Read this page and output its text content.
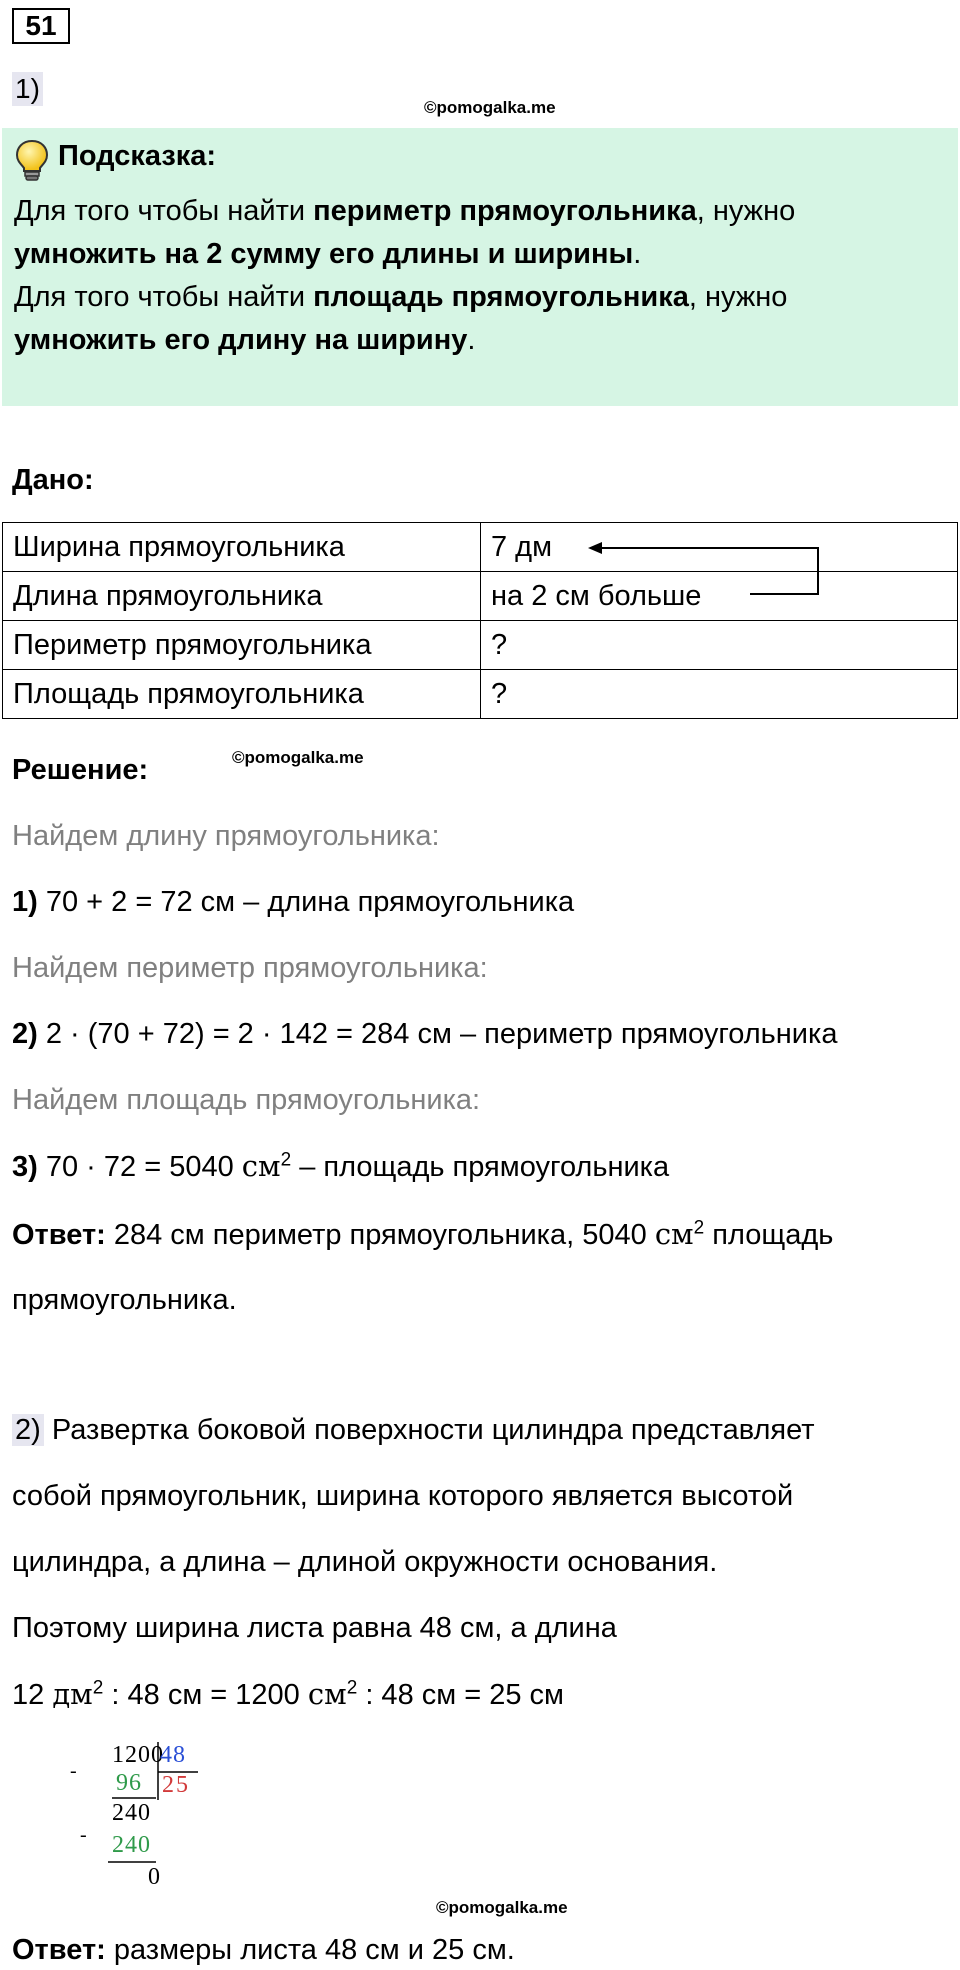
51
1)
©pomogalka.me
Подсказка:
Для того чтобы найти периметр прямоугольника, нужно
умножить на 2 сумму его длины и ширины.
Для того чтобы найти площадь прямоугольника, нужно
умножить его длину на ширину.
Дано:
Ширина прямоугольника	7 дм
Длина прямоугольника	на 2 см больше
Периметр прямоугольника	?
Площадь прямоугольника	?
Решение:	©pomogalka.me
Найдем длину прямоугольника:
1) 70 + 2 = 72 см – длина прямоугольника
Найдем периметр прямоугольника:
2) 2 · (70 + 72) = 2 · 142 = 284 см – периметр прямоугольника
Найдем площадь прямоугольника:
3) 70 · 72 = 5040 $см^2$ – площадь прямоугольника
Ответ: 284 см периметр прямоугольника, 5040 $см^2$ площадь
прямоугольника.
2) Развертка боковой поверхности цилиндра представляет
собой прямоугольник, ширина которого является высотой
цилиндра, а длина – длиной окружности основания.
Поэтому ширина листа равна 48 см, а длина
12 $дм^2$ : 48 см = 1200 $см^2$ : 48 см = 25 см
1200
- 96
240
- 240
0
48
25
©pomogalka.me
Ответ: размеры листа 48 см и 25 см.
